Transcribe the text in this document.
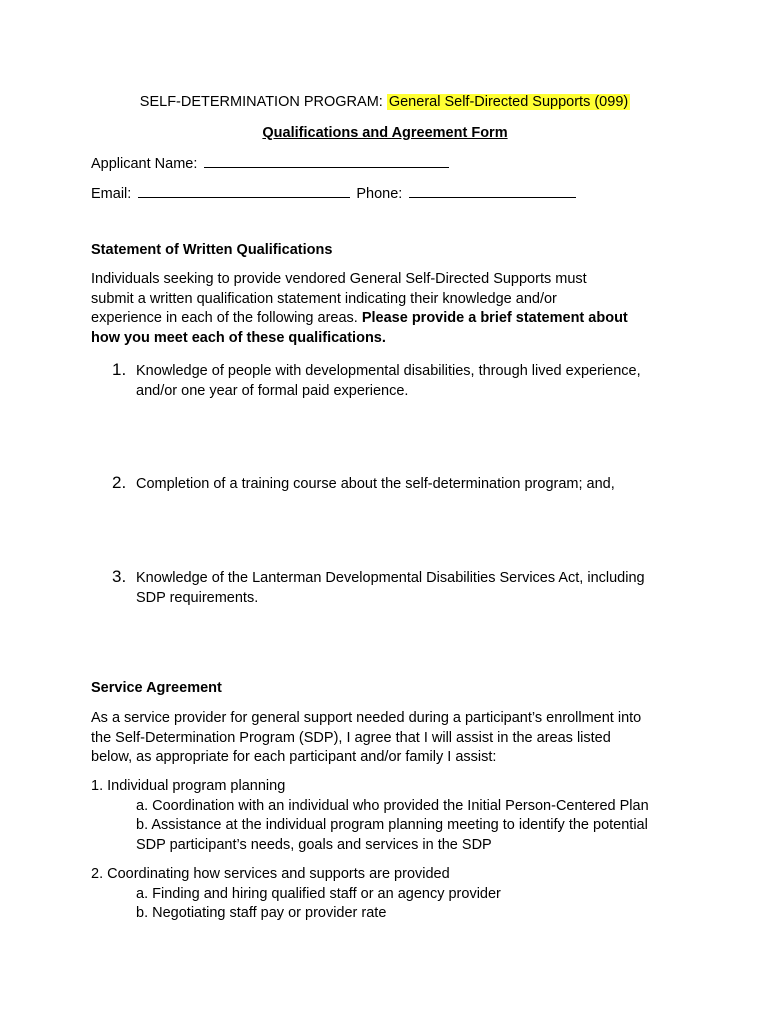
SELF-DETERMINATION PROGRAM: General Self-Directed Supports (099)
Qualifications and Agreement Form
Applicant Name:
Email:	Phone:
Statement of Written Qualifications
Individuals seeking to provide vendored General Self-Directed Supports must
submit a written qualification statement indicating their knowledge and/or
experience in each of the following areas. Please provide a brief statement about
how you meet each of these qualifications.
1. Knowledge of people with developmental disabilities, through lived experience,
and/or one year of formal paid experience.
2. Completion of a training course about the self-determination program; and,
3. Knowledge of the Lanterman Developmental Disabilities Services Act, including
SDP requirements.
Service Agreement
As a service provider for general support needed during a participant’s enrollment into
the Self-Determination Program (SDP), I agree that I will assist in the areas listed
below, as appropriate for each participant and/or family I assist:
1. Individual program planning
a. Coordination with an individual who provided the Initial Person-Centered Plan
b. Assistance at the individual program planning meeting to identify the potential
SDP participant’s needs, goals and services in the SDP
2. Coordinating how services and supports are provided
a. Finding and hiring qualified staff or an agency provider
b. Negotiating staff pay or provider rate
